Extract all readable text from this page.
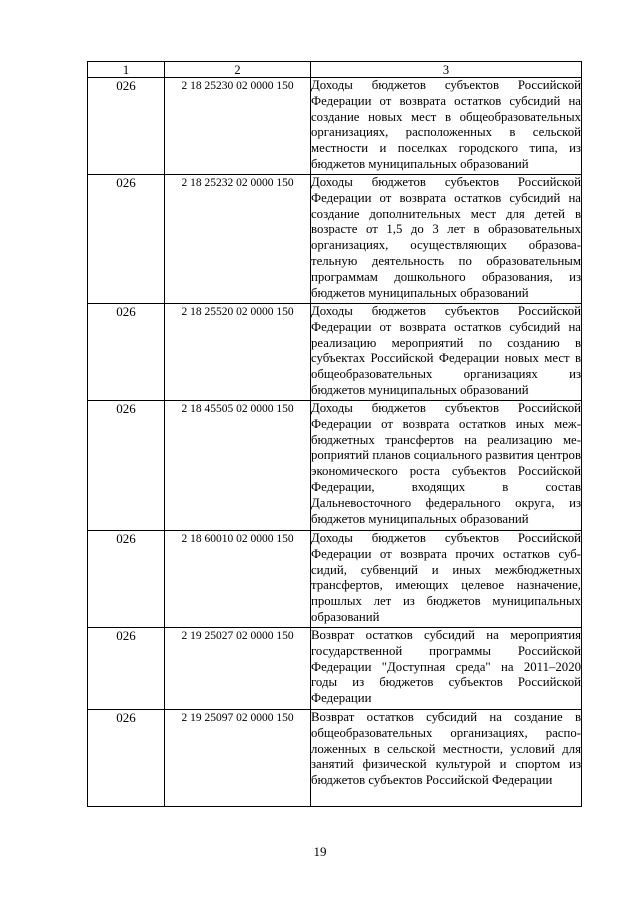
1	2	3
026	2 18 25230 02 0000 150	Доходы бюджетов субъектов Российской Федерации от возврата остатков субсидий на создание новых мест в общеобразовательных организациях, расположенных в сельской местности и поселках городского типа, из бюджетов муниципальных образований
026	2 18 25232 02 0000 150	Доходы бюджетов субъектов Российской Федерации от возврата остатков субсидий на создание дополнительных мест для детей в возрасте от 1,5 до 3 лет в образовательных организациях, осуществляющих образовательную деятельность по образовательным программам дошкольного образования, из бюджетов муниципальных образований
026	2 18 25520 02 0000 150	Доходы бюджетов субъектов Российской Федерации от возврата остатков субсидий на реализацию мероприятий по созданию в субъектах Российской Федерации новых мест в общеобразовательных организациях из бюджетов муниципальных образований
026	2 18 45505 02 0000 150	Доходы бюджетов субъектов Российской Федерации от возврата остатков иных межбюджетных трансфертов на реализацию мероприятий планов социального развития центров экономического роста субъектов Российской Федерации, входящих в состав Дальневосточного федерального округа, из бюджетов муниципальных образований
026	2 18 60010 02 0000 150	Доходы бюджетов субъектов Российской Федерации от возврата прочих остатков субсидий, субвенций и иных межбюджетных трансфертов, имеющих целевое назначение, прошлых лет из бюджетов муниципальных образований
026	2 19 25027 02 0000 150	Возврат остатков субсидий на мероприятия государственной программы Российской Федерации "Доступная среда" на 2011–2020 годы из бюджетов субъектов Российской Федерации
026	2 19 25097 02 0000 150	Возврат остатков субсидий на создание в общеобразовательных организациях, расположенных в сельской местности, условий для занятий физической культурой и спортом из бюджетов субъектов Российской Федерации
19
